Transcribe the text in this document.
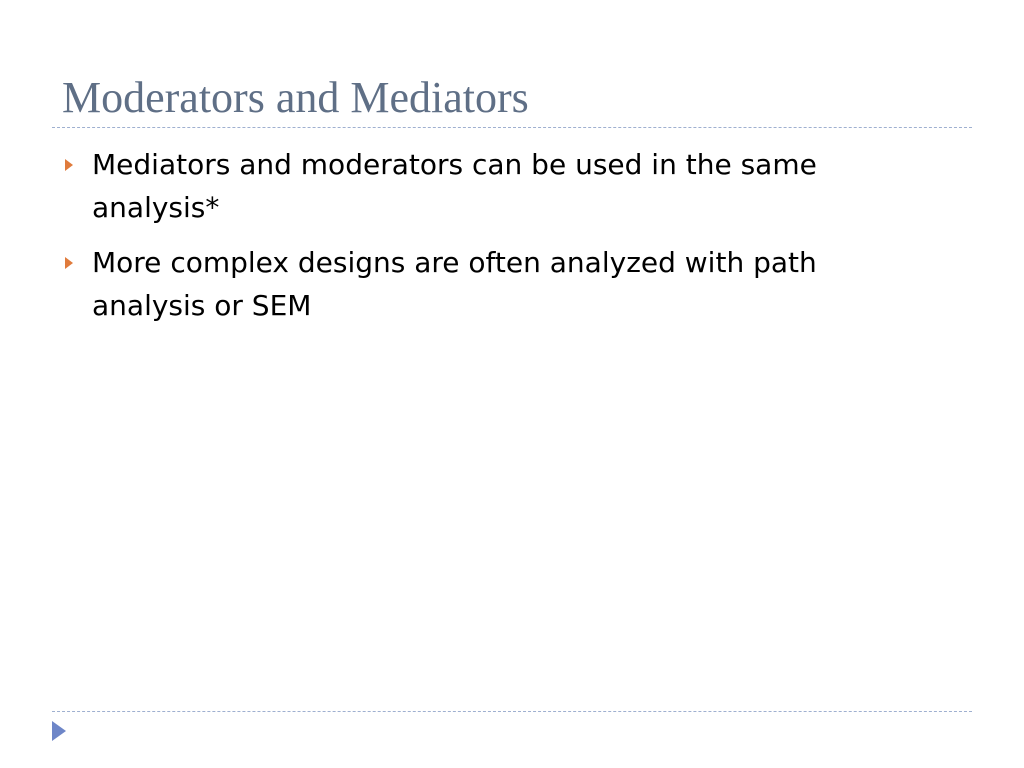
Moderators and Mediators
Mediators and moderators can be used in the same analysis*
More complex designs are often analyzed with path analysis or SEM
